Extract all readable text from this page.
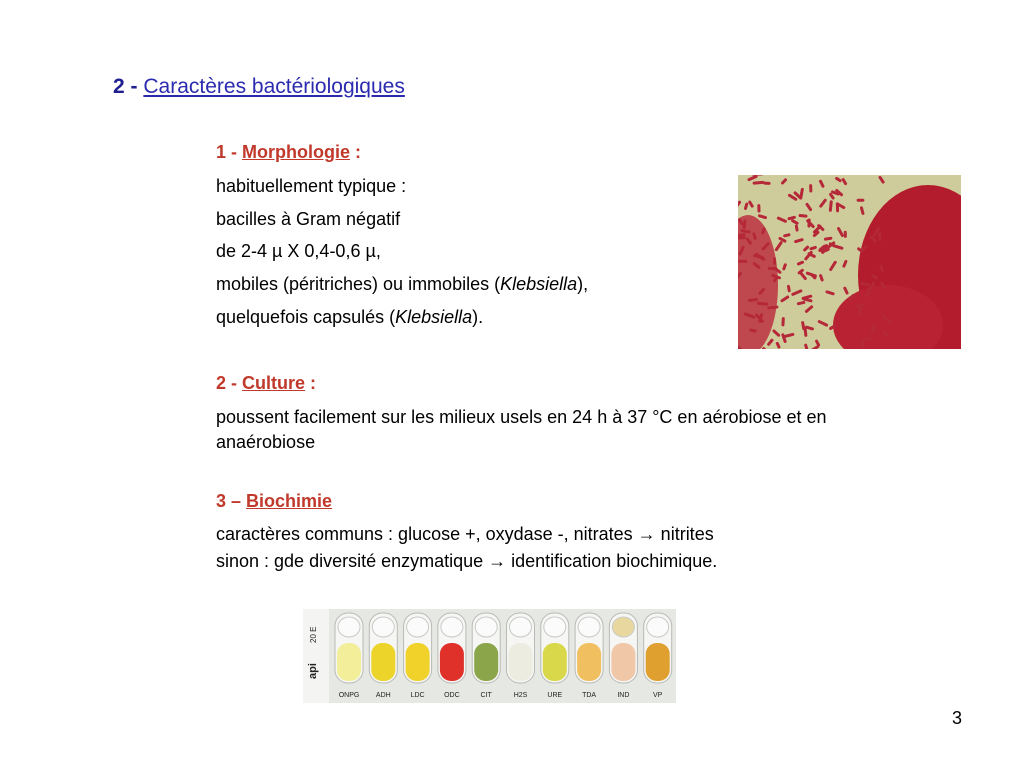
2 - Caractères bactériologiques
1 - Morphologie :
habituellement typique :
bacilles à Gram négatif
de 2-4 µ X 0,4-0,6 µ,
mobiles (péritriches) ou immobiles (Klebsiella),
quelquefois capsulés (Klebsiella).
2 - Culture :
poussent facilement sur les milieux usels en 24 h à 37 °C en aérobiose et en
anaérobiose
3 – Biochimie
caractères communs : glucose +, oxydase -, nitrates → nitrites
sinon : gde diversité enzymatique → identification biochimique.
api
20 E
ONPG ADH	LDC	ODC	CIT	H2S	URE	TDA	IND	VP
3
